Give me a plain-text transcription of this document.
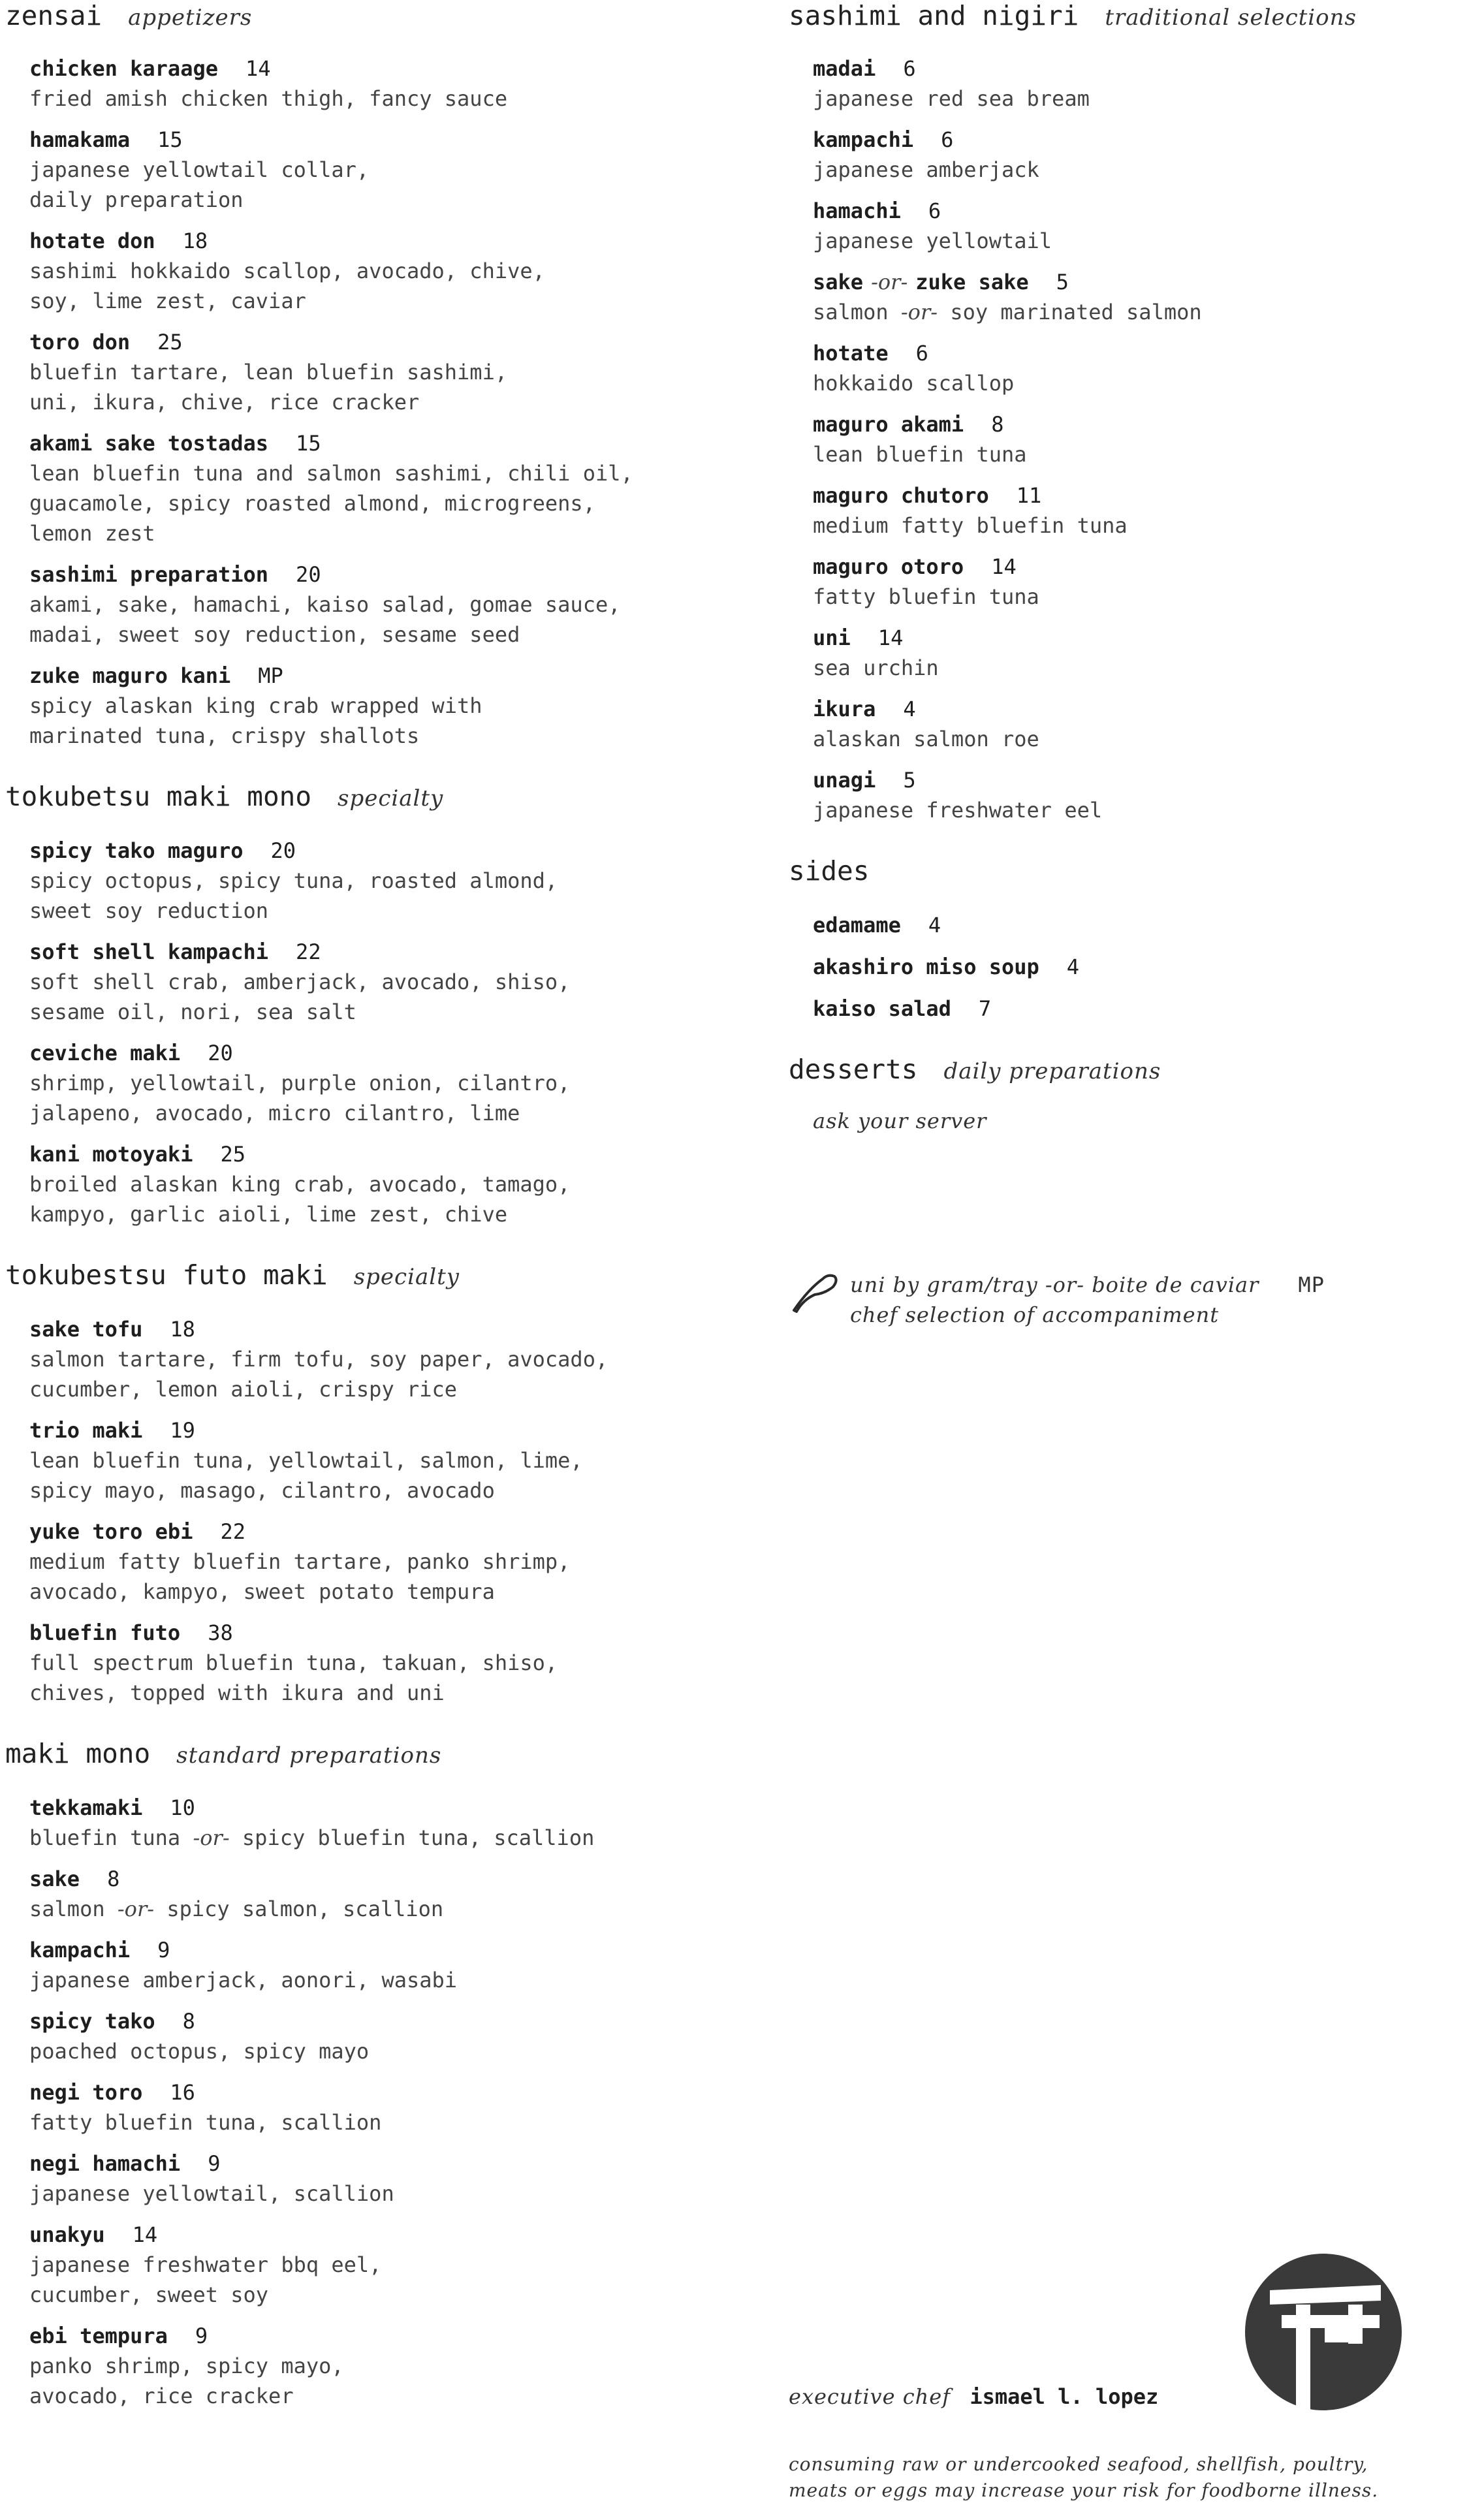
zensai appetizers
chicken karaage 14
fried amish chicken thigh, fancy sauce
hamakama 15
japanese yellowtail collar,
daily preparation
hotate don 18
sashimi hokkaido scallop, avocado, chive,
soy, lime zest, caviar
toro don 25
bluefin tartare, lean bluefin sashimi,
uni, ikura, chive, rice cracker
akami sake tostadas 15
lean bluefin tuna and salmon sashimi, chili oil,
guacamole, spicy roasted almond, microgreens,
lemon zest
sashimi preparation 20
akami, sake, hamachi, kaiso salad, gomae sauce,
madai, sweet soy reduction, sesame seed
zuke maguro kani MP
spicy alaskan king crab wrapped with
marinated tuna, crispy shallots
tokubetsu maki mono specialty
spicy tako maguro 20
spicy octopus, spicy tuna, roasted almond,
sweet soy reduction
soft shell kampachi 22
soft shell crab, amberjack, avocado, shiso,
sesame oil, nori, sea salt
ceviche maki 20
shrimp, yellowtail, purple onion, cilantro,
jalapeno, avocado, micro cilantro, lime
kani motoyaki 25
broiled alaskan king crab, avocado, tamago,
kampyo, garlic aioli, lime zest, chive
tokubestsu futo maki specialty
sake tofu 18
salmon tartare, firm tofu, soy paper, avocado,
cucumber, lemon aioli, crispy rice
trio maki 19
lean bluefin tuna, yellowtail, salmon, lime,
spicy mayo, masago, cilantro, avocado
yuke toro ebi 22
medium fatty bluefin tartare, panko shrimp,
avocado, kampyo, sweet potato tempura
bluefin futo 38
full spectrum bluefin tuna, takuan, shiso,
chives, topped with ikura and uni
maki mono standard preparations
tekkamaki 10
bluefin tuna -or- spicy bluefin tuna, scallion
sake 8
salmon -or- spicy salmon, scallion
kampachi 9
japanese amberjack, aonori, wasabi
spicy tako 8
poached octopus, spicy mayo
negi toro 16
fatty bluefin tuna, scallion
negi hamachi 9
japanese yellowtail, scallion
unakyu 14
japanese freshwater bbq eel,
cucumber, sweet soy
ebi tempura 9
panko shrimp, spicy mayo,
avocado, rice cracker
sashimi and nigiri traditional selections
madai 6
japanese red sea bream
kampachi 6
japanese amberjack
hamachi 6
japanese yellowtail
sake -or- zuke sake 5
salmon -or- soy marinated salmon
hotate 6
hokkaido scallop
maguro akami 8
lean bluefin tuna
maguro chutoro 11
medium fatty bluefin tuna
maguro otoro 14
fatty bluefin tuna
uni 14
sea urchin
ikura 4
alaskan salmon roe
unagi 5
japanese freshwater eel
sides
edamame 4
akashiro miso soup 4
kaiso salad 7
desserts daily preparations
ask your server
uni by gram/tray -or- boite de caviar MP
chef selection of accompaniment
executive chef ismael l. lopez
consuming raw or undercooked seafood, shellfish, poultry,
meats or eggs may increase your risk for foodborne illness.
